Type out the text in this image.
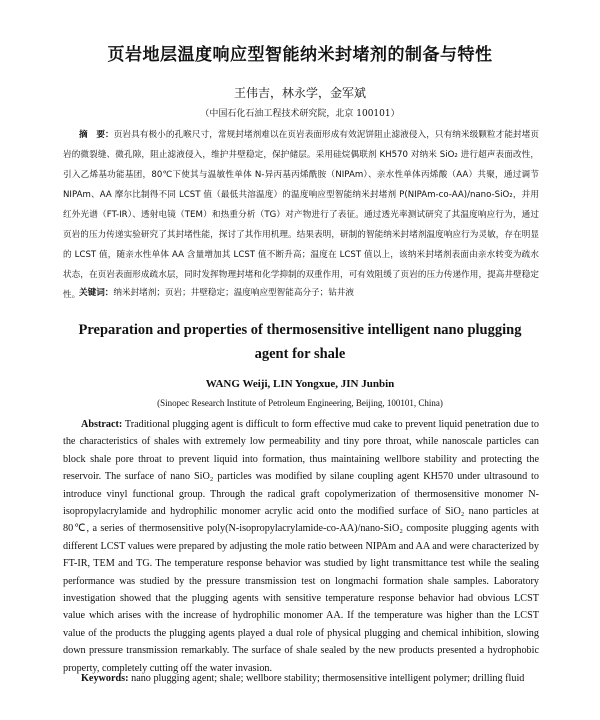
页岩地层温度响应型智能纳米封堵剂的制备与特性
王伟吉，林永学，金军斌
（中国石化石油工程技术研究院，北京 100101）

摘　要：页岩具有极小的孔喉尺寸，常规封堵剂难以在页岩表面形成有效泥饼阻止滤液侵入，只有纳米级颗粒才能封堵页岩的微裂缝、微孔隙，阻止滤液侵入，维护井壁稳定，保护储层。采用硅烷偶联剂 KH570 对纳米 SiO₂ 进行超声表面改性，引入乙烯基功能基团，80℃下使其与温敏性单体 N-异丙基丙烯酰胺（NIPAm）、亲水性单体丙烯酸（AA）共聚，通过调节 NIPAm、AA 摩尔比制得不同 LCST 值（最低共溶温度）的温度响应型智能纳米封堵剂 P(NIPAm-co-AA)/nano-SiO₂，并用红外光谱（FT-IR）、透射电镜（TEM）和热重分析（TG）对产物进行了表征。通过透光率测试研究了其温度响应行为，通过页岩的压力传递实验研究了其封堵性能，探讨了其作用机理。结果表明，研制的智能纳米封堵剂温度响应行为灵敏，存在明显的 LCST 值，随亲水性单体 AA 含量增加其 LCST 值不断升高；温度在 LCST 值以上，该纳米封堵剂表面由亲水转变为疏水状态，在页岩表面形成疏水层，同时发挥物理封堵和化学抑制的双重作用，可有效阻缓了页岩的压力传递作用，提高井壁稳定性。

关键词：纳米封堵剂；页岩；井壁稳定；温度响应型智能高分子；钻井液

Preparation and properties of thermosensitive intelligent nano plugging agent for shale
WANG Weiji, LIN Yongxue, JIN Junbin
(Sinopec Research Institute of Petroleum Engineering, Beijing, 100101, China)

Abstract: Traditional plugging agent is difficult to form effective mud cake to prevent liquid penetration due to the characteristics of shales with extremely low permeability and tiny pore throat, while nanoscale particles can block shale pore throat to prevent liquid into formation, thus maintaining wellbore stability and protecting the reservoir. The surface of nano SiO₂ particles was modified by silane coupling agent KH570 under ultrasound to introduce vinyl functional group. Through the radical graft copolymerization of thermosensitive monomer N-isopropylacrylamide and hydrophilic monomer acrylic acid onto the modified surface of SiO₂ nano particles at 80℃, a series of thermosensitive poly(N-isopropylacrylamide-co-AA)/nano-SiO₂ composite plugging agents with different LCST values were prepared by adjusting the mole ratio between NIPAm and AA and were characterized by FT-IR, TEM and TG. The temperature response behavior was studied by light transmittance test while the sealing performance was studied by the pressure transmission test on longmachi formation shale samples. Laboratory investigation showed that the plugging agents with sensitive temperature response behavior had obvious LCST value which arises with the increase of hydrophilic monomer AA. If the temperature was higher than the LCST value of the products the plugging agents played a dual role of physical plugging and chemical inhibition, slowing down pressure transmission remarkably. The surface of shale sealed by the new products presented a hydrophobic property, completely cutting off the water invasion.

Keywords: nano plugging agent; shale; wellbore stability; thermosensitive intelligent polymer; drilling fluid
